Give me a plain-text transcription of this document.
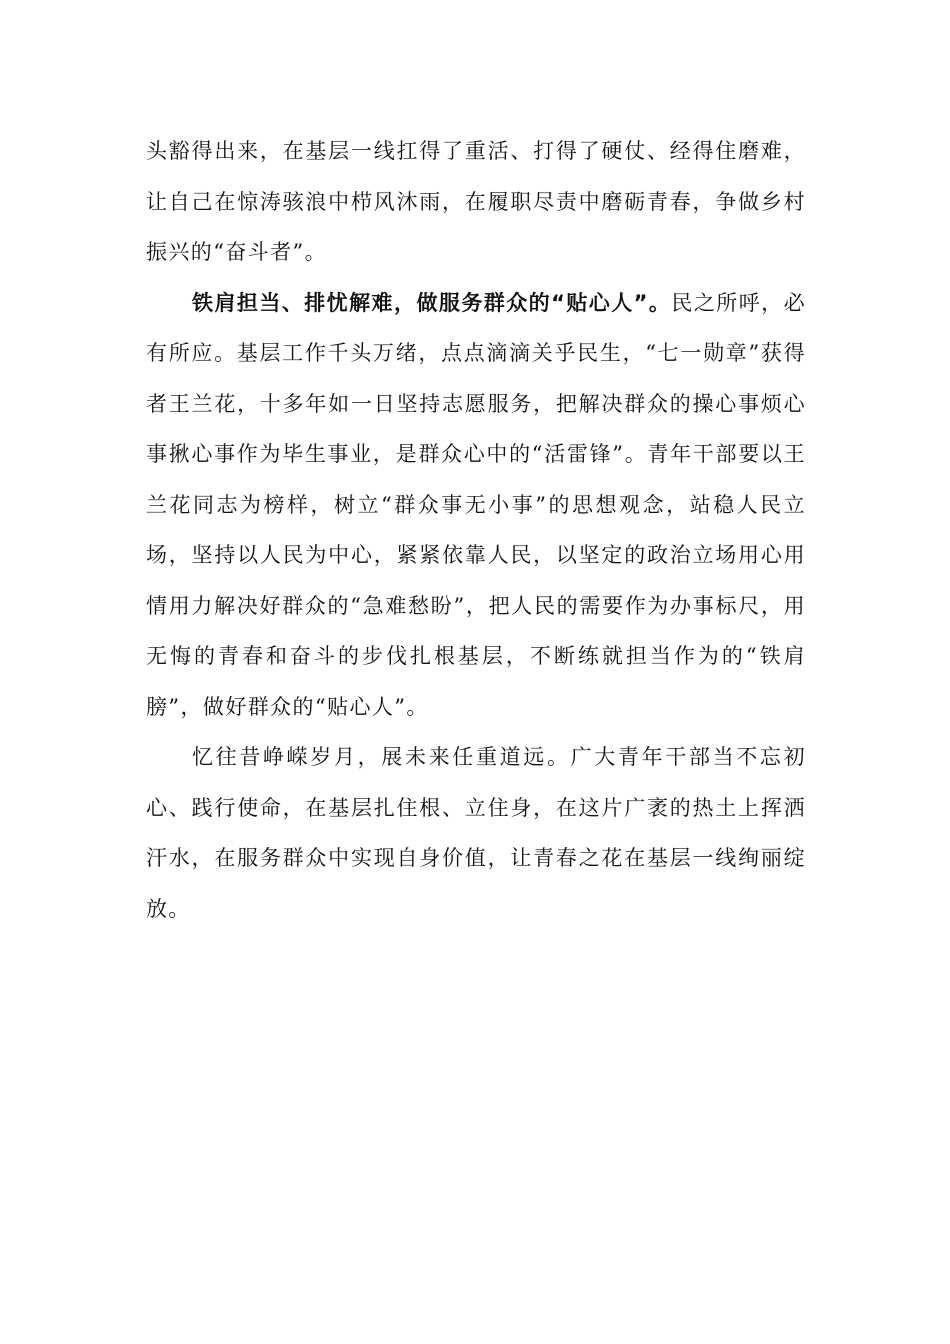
头豁得出来，在基层一线扛得了重活、打得了硬仗、经得住磨难，让自己在惊涛骇浪中栉风沐雨，在履职尽责中磨砺青春，争做乡村振兴的“奋斗者”。

铁肩担当、排忧解难，做服务群众的“贴心人”。民之所呼，必有所应。基层工作千头万绪，点点滴滴关乎民生，“七一勋章”获得者王兰花，十多年如一日坚持志愿服务，把解决群众的操心事烦心事揪心事作为毕生事业，是群众心中的“活雷锋”。青年干部要以王兰花同志为榜样，树立“群众事无小事”的思想观念，站稳人民立场，坚持以人民为中心，紧紧依靠人民，以坚定的政治立场用心用情用力解决好群众的“急难愁盼”，把人民的需要作为办事标尺，用无悔的青春和奋斗的步伐扎根基层，不断练就担当作为的“铁肩膀”，做好群众的“贴心人”。

忆往昔峥嵘岁月，展未来任重道远。广大青年干部当不忘初心、践行使命，在基层扎住根、立住身，在这片广袤的热土上挥洒汗水，在服务群众中实现自身价值，让青春之花在基层一线绚丽绽放。
